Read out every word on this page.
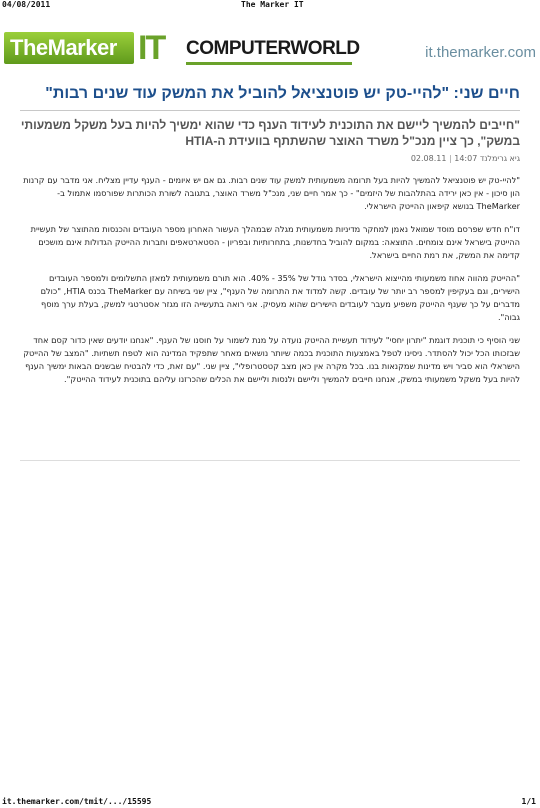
04/08/2011	The Marker IT
TheMarker IT COMPUTERWORLD	it.themarker.com
חיים שני: "להיי-טק יש פוטנציאל להוביל את המשק עוד שנים רבות"

"חייבים להמשיך ליישם את התוכנית לעידוד הענף כדי שהוא ימשיך להיות בעל משקל משמעותי במשק", כך ציין מנכ"ל משרד האוצר שהשתתף בוועידת ה-HTIA

גיא גרימלנד 14:07 | 02.08.11

"להיי-טק יש פוטנציאל להמשיך להיות בעל תרומה משמעותית למשק עוד שנים רבות. גם אם יש איומים - הענף עדיין מצליח. אני מדבר עם קרנות הון סיכון - אין כאן ירידה בהתלהבות של היזמים" - כך אמר חיים שני, מנכ"ל משרד האוצר, בתגובה לשורת הכותרות שפורסמו אתמול ב- TheMarker בנושא קיפאון ההייטק הישראלי.

דו"ח חדש שפרסם מוסד שמואל נאמן למחקר מדיניות משמעותית מגלה שבמהלך העשור האחרון מספר העובדים והכנסות מהתוצר של תעשיית ההייטק בישראל אינם צומחים. התוצאה: במקום להוביל בחדשנות, בתחרותיות ובפריון - הסטארטאפים וחברות ההייטק הגדולות אינם מושכים קדימה את המשק, את רמת החיים בישראל.

"ההייטק מהווה אחוז משמעותי מהייצוא הישראלי, בסדר גודל של 35% - 40%. הוא תורם משמעותית למאזן התשלומים ולמספר העובדים הישירים, וגם בעקיפין למספר רב יותר של עובדים. קשה למדוד את התרומה של הענף", ציין שני בשיחה עם TheMarker בכנס HTIA, "כולם מדברים על כך שענף ההייטק משפיע מעבר לעובדים הישירים שהוא מעסיק. אני רואה בתעשייה הזו מגזר אסטרטגי למשק, בעלת ערך מוסף גבוה".

שני הוסיף כי תוכנית דוגמת "יתרון יחסי" לעידוד תעשיית ההייטק נועדה על מנת לשמור על חוסנו של הענף. "אנחנו יודעים שאין כדור קסם אחד שבזכותו הכל יכול להסתדר. ניסינו לטפל באמצעות התוכנית בכמה שיותר נושאים מאחר שתפקיד המדינה הוא לטפח תשתיות. "המצב של ההייטק הישראלי הוא סביר ויש מדינות שמקנאות בנו. בכל מקרה אין כאן מצב קטסטרופלי", ציין שני. "עם זאת, כדי להבטיח שבשנים הבאות ימשיך הענף להיות בעל משקל משמעותי במשק, אנחנו חייבים להמשיך וליישם ולנסות וליישם את הכלים שהכרזנו עליהם בתוכנית לעידוד ההייטק".

it.themarker.com/tmit/.../15595	1/1
